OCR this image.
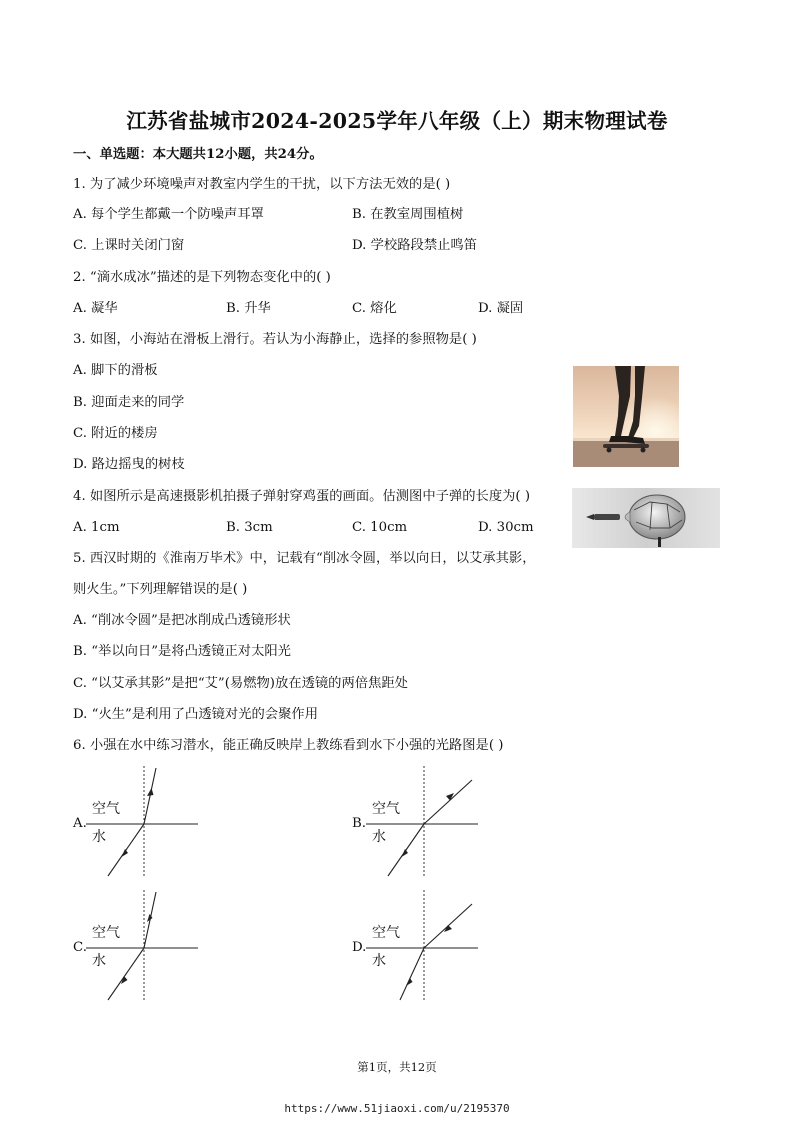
江苏省盐城市2024-2025学年八年级（上）期末物理试卷
一、单选题：本大题共12小题，共24分。
1. 为了减少环境噪声对教室内学生的干扰，以下方法无效的是( )
A. 每个学生都戴一个防噪声耳罩	B. 在教室周围植树
C. 上课时关闭门窗	D. 学校路段禁止鸣笛
2. “滴水成冰”描述的是下列物态变化中的( )
A. 凝华	B. 升华	C. 熔化	D. 凝固
3. 如图，小海站在滑板上滑行。若认为小海静止，选择的参照物是( )
A. 脚下的滑板
B. 迎面走来的同学
C. 附近的楼房
D. 路边摇曳的树枝
4. 如图所示是高速摄影机拍摄子弹射穿鸡蛋的画面。估测图中子弹的长度为( )
A. 1cm	B. 3cm	C. 10cm	D. 30cm
5. 西汉时期的《淮南万毕术》中，记载有“削冰令圆，举以向日，以艾承其影，
则火生。”下列理解错误的是( )
A. “削冰令圆”是把冰削成凸透镜形状
B. “举以向日”是将凸透镜正对太阳光
C. “以艾承其影”是把“艾”(易燃物)放在透镜的两倍焦距处
D. “火生”是利用了凸透镜对光的会聚作用
6. 小强在水中练习潜水，能正确反映岸上教练看到水下小强的光路图是( )
A.
空气
水
B.
空气
水
C.
空气
水
D.
空气
水
第1页，共12页
https://www.51jiaoxi.com/u/2195370
